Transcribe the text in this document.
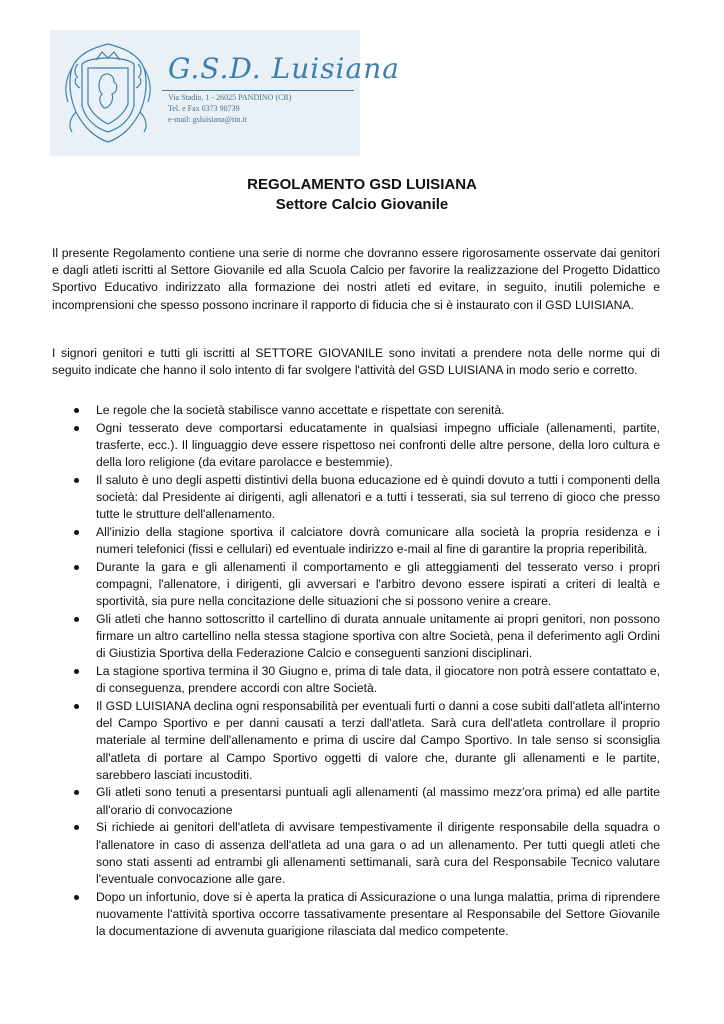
G.S.D. Luisiana
Via Stadio, 1 - 26025 PANDINO (CR)
Tel. e Fax 0373 90739
e-mail: gsluisiana@tin.it
REGOLAMENTO GSD LUISIANA
Settore Calcio Giovanile

Il presente Regolamento contiene una serie di norme che dovranno essere rigorosamente osservate dai genitori e dagli atleti iscritti al Settore Giovanile ed alla Scuola Calcio per favorire la realizzazione del Progetto Didattico Sportivo Educativo indirizzato alla formazione dei nostri atleti ed evitare, in seguito, inutili polemiche e incomprensioni che spesso possono incrinare il rapporto di fiducia che si è instaurato con il GSD LUISIANA.

I signori genitori e tutti gli iscritti al SETTORE GIOVANILE sono invitati a prendere nota delle norme qui di seguito indicate che hanno il solo intento di far svolgere l'attività del GSD LUISIANA in modo serio e corretto.

Le regole che la società stabilisce vanno accettate e rispettate con serenità.
Ogni tesserato deve comportarsi educatamente in qualsiasi impegno ufficiale (allenamenti, partite, trasferte, ecc.). Il linguaggio deve essere rispettoso nei confronti delle altre persone, della loro cultura e della loro religione (da evitare parolacce e bestemmie).
Il saluto è uno degli aspetti distintivi della buona educazione ed è quindi dovuto a tutti i componenti della società: dal Presidente ai dirigenti, agli allenatori e a tutti i tesserati, sia sul terreno di gioco che presso tutte le strutture dell'allenamento.
All'inizio della stagione sportiva il calciatore dovrà comunicare alla società la propria residenza e i numeri telefonici (fissi e cellulari) ed eventuale indirizzo e-mail al fine di garantire la propria reperibilità.
Durante la gara e gli allenamenti il comportamento e gli atteggiamenti del tesserato verso i propri compagni, l'allenatore, i dirigenti, gli avversari e l'arbitro devono essere ispirati a criteri di lealtà e sportività, sia pure nella concitazione delle situazioni che si possono venire a creare.
Gli atleti che hanno sottoscritto il cartellino di durata annuale unitamente ai propri genitori, non possono firmare un altro cartellino nella stessa stagione sportiva con altre Società, pena il deferimento agli Ordini di Giustizia Sportiva della Federazione Calcio e conseguenti sanzioni disciplinari.
La stagione sportiva termina il 30 Giugno e, prima di tale data, il giocatore non potrà essere contattato e, di conseguenza, prendere accordi con altre Società.
Il GSD LUISIANA declina ogni responsabilità per eventuali furti o danni a cose subiti dall'atleta all'interno del Campo Sportivo e per danni causati a terzi dall'atleta. Sarà cura dell'atleta controllare il proprio materiale al termine dell'allenamento e prima di uscire dal Campo Sportivo. In tale senso si sconsiglia all'atleta di portare al Campo Sportivo oggetti di valore che, durante gli allenamenti e le partite, sarebbero lasciati incustoditi.
Gli atleti sono tenuti a presentarsi puntuali agli allenamenti (al massimo mezz'ora prima) ed alle partite all'orario di convocazione
Si richiede ai genitori dell'atleta di avvisare tempestivamente il dirigente responsabile della squadra o l'allenatore in caso di assenza dell'atleta ad una gara o ad un allenamento. Per tutti quegli atleti che sono stati assenti ad entrambi gli allenamenti settimanali, sarà cura del Responsabile Tecnico valutare l'eventuale convocazione alle gare.
Dopo un infortunio, dove si è aperta la pratica di Assicurazione o una lunga malattia, prima di riprendere nuovamente l'attività sportiva occorre tassativamente presentare al Responsabile del Settore Giovanile la documentazione di avvenuta guarigione rilasciata dal medico competente.
